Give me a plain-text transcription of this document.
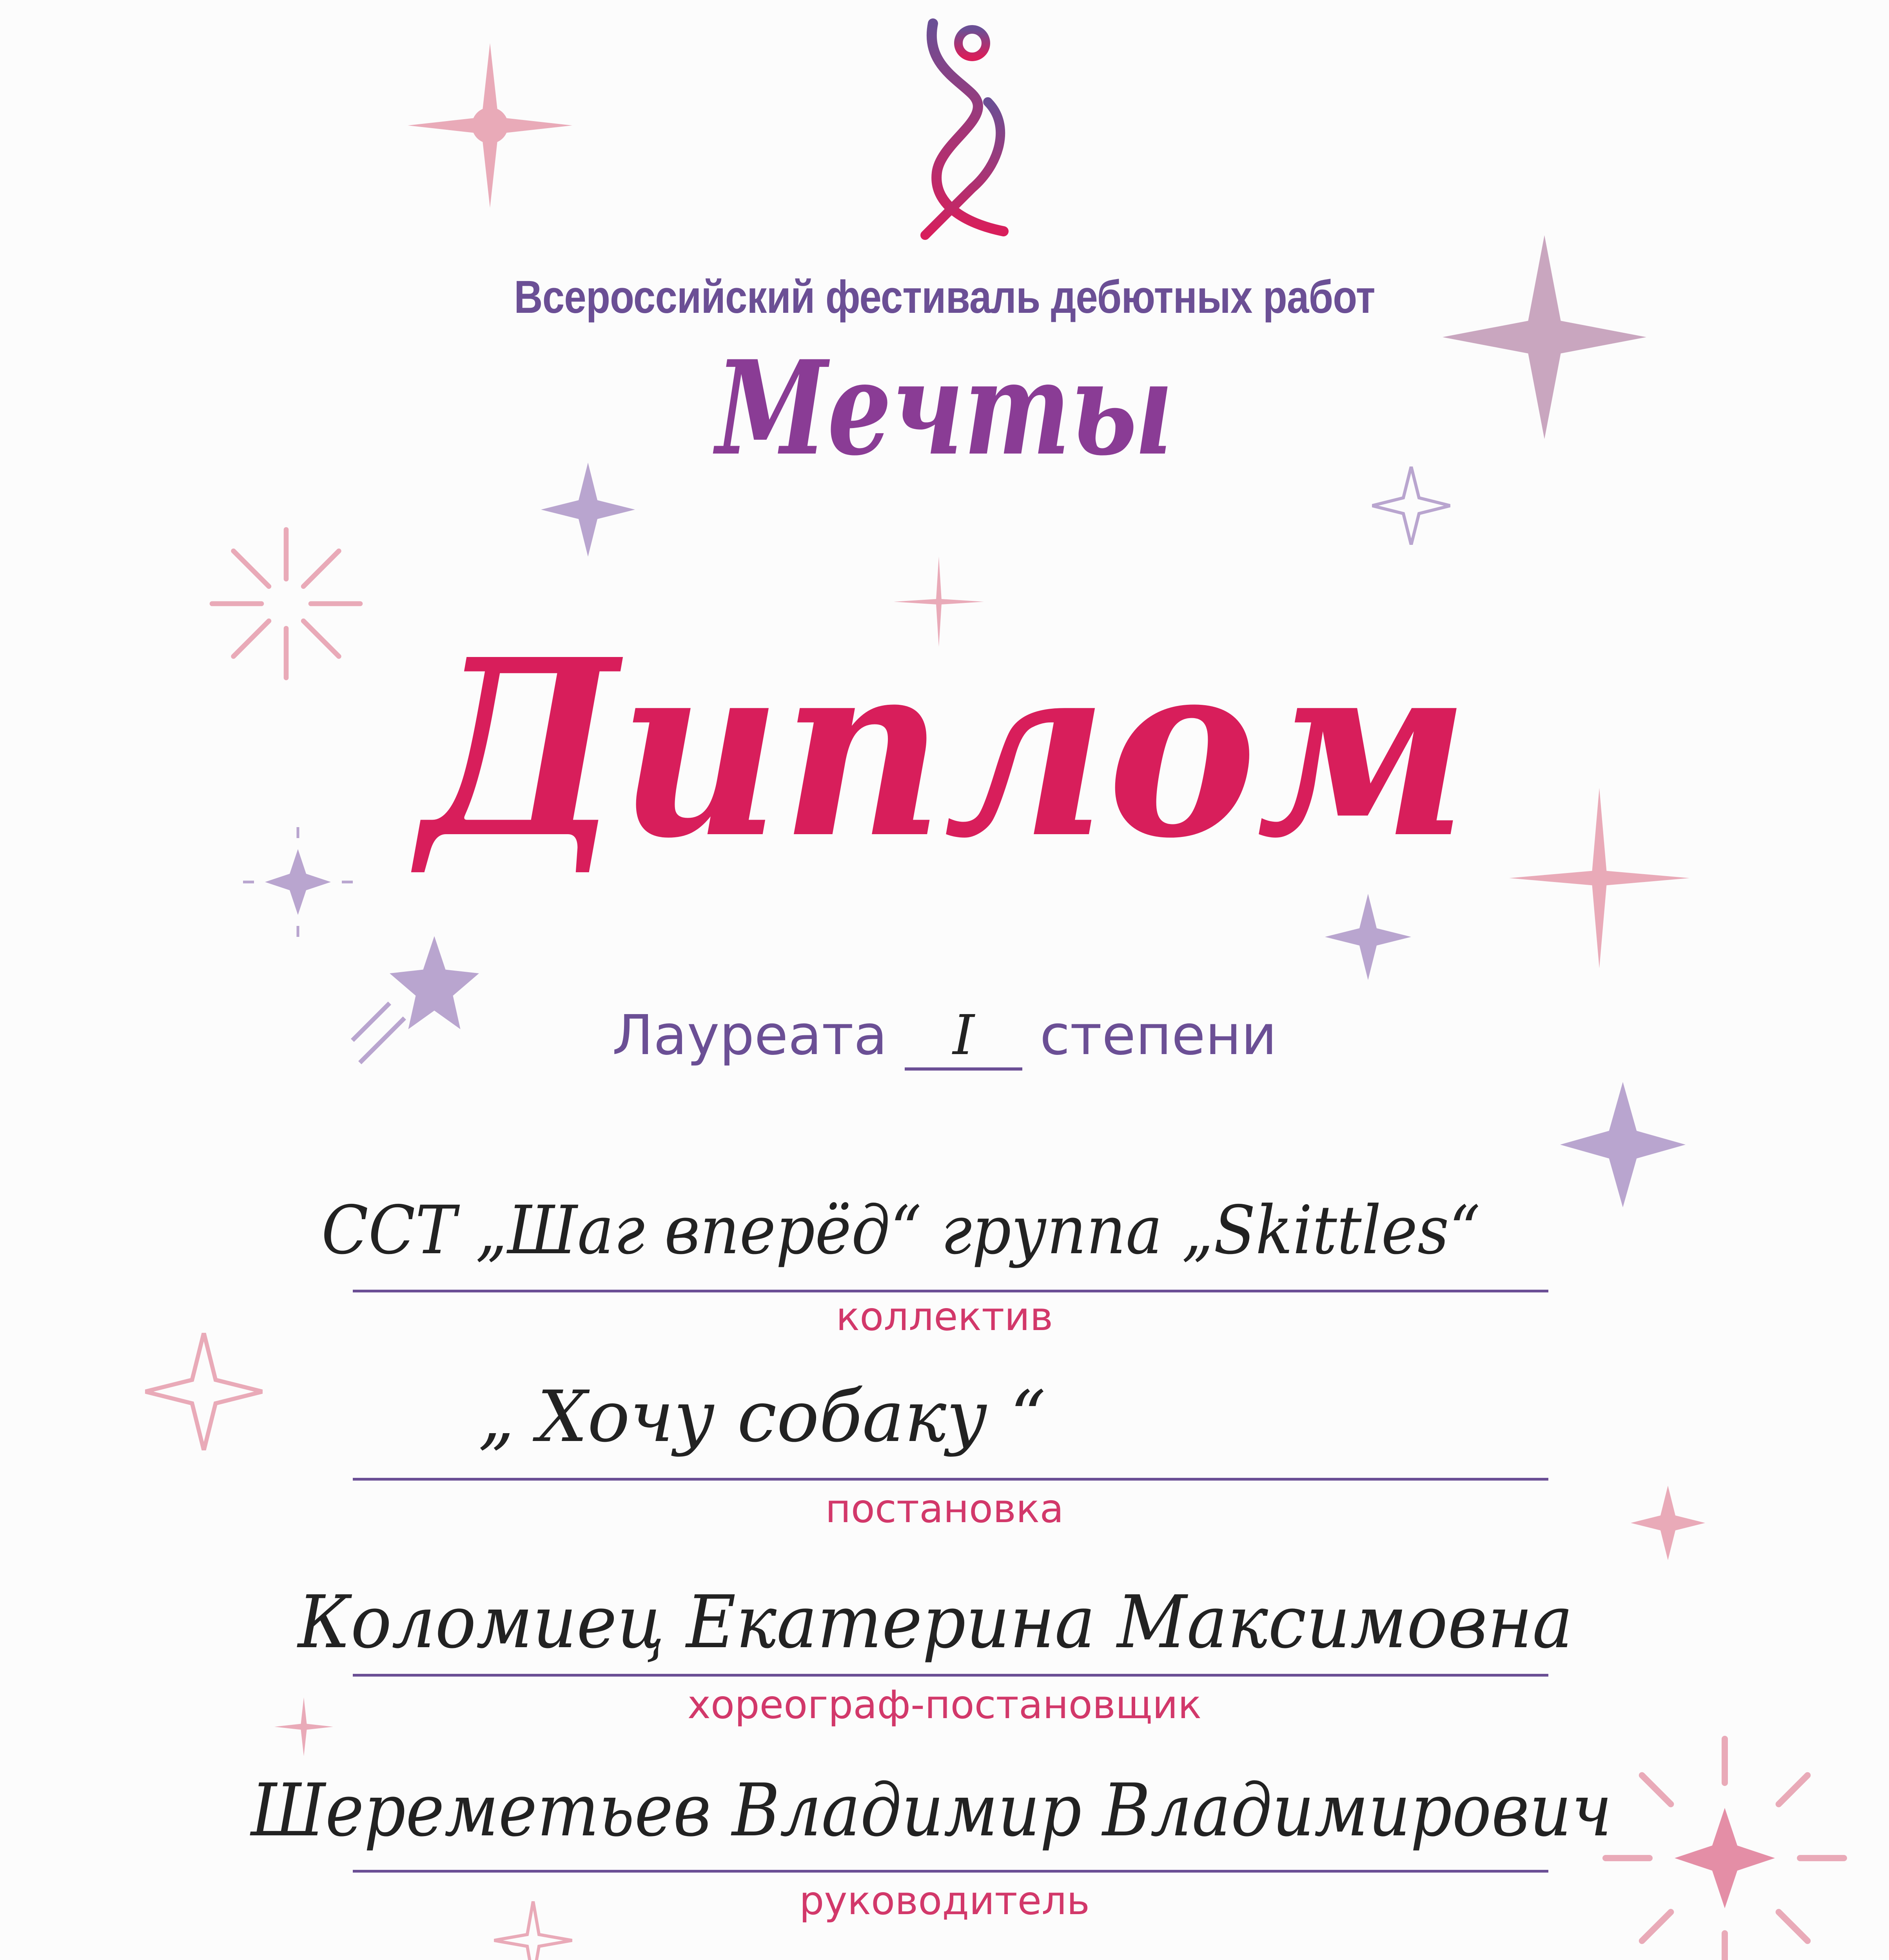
Всероссийский фестиваль дебютных работ
Мечты
Диплом
Лауреата I степени
ССТ „Шаг вперёд“ группа „Skittles“
коллектив
„ Хочу собаку “
постановка
Коломиец Екатерина Максимовна
хореограф-постановщик
Шереметьев Владимир Владимирович
руководитель
